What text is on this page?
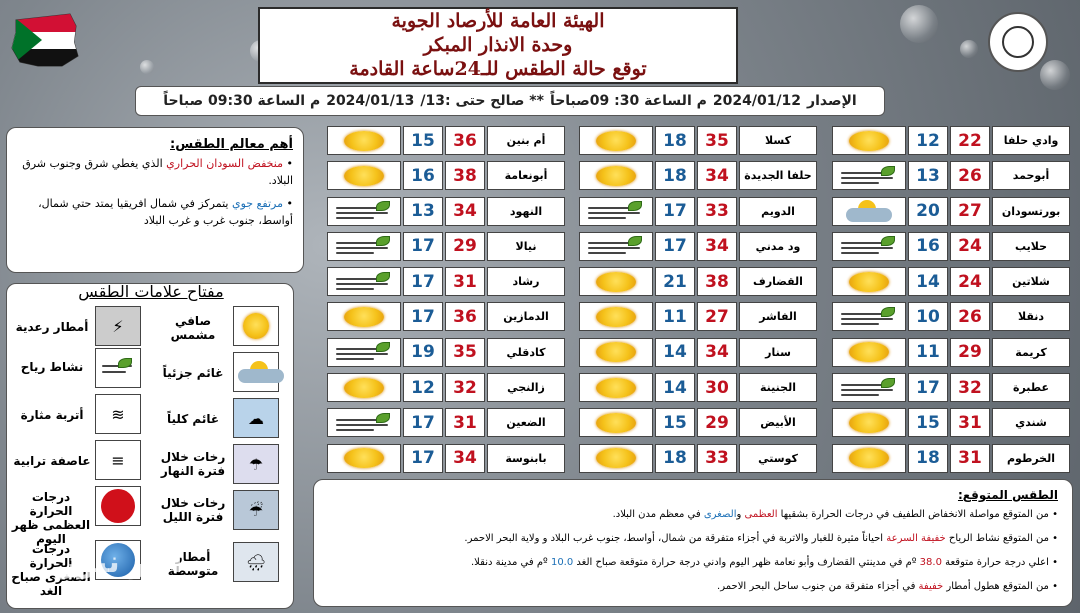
الهيئة العامة للأرصاد الجوية
وحدة الانذار المبكر
توقع حالة الطقس للـ24ساعة القادمة
الإصدار
2024/01/12
م الساعة 30: 09صباحاً
** صالح حتى :13/
2024/01/13
م الساعة 09:30 صباحاً
وادي حلفا
22
12
أبوحمد
26
13
بورتسودان
27
20
حلايب
24
16
شلاتين
24
14
دنقلا
26
10
كريمة
29
11
عطبرة
32
17
شندي
31
15
الخرطوم
31
18
كسلا
35
18
حلفا الجديدة
34
18
الدويم
33
17
ود مدني
34
17
القضارف
38
21
الفاشر
27
11
سنار
34
14
الجنينة
30
14
الأبيض
29
15
كوستي
33
18
أم بنين
36
15
أبونعامة
38
16
النهود
34
13
نيالا
29
17
رشاد
31
17
الدمازين
36
17
كادقلي
35
19
زالنجي
32
12
الضعين
31
17
بابنوسة
34
17
أهم معالم الطقس:

• منخفض السودان الحراري الذي يغطي شرق وجنوب شرق البلاد.

• مرتفع جوي يتمركز في شمال افريقيا يمتد حتي شمال، أواسط، جنوب غرب و غرب البلاد

مفتاح علامات الطقس
صافي مشمس
⚡
أمطار رعدية
غائم جزئياً
نشاط رياح
☁
غائم كلياً
≋
أتربة مثارة
☂
رخات خلال فترة النهار
≡
عاصفة ترابية
☔
رخات خلال فترة الليل
درجات الحرارة العظمى ظهر اليوم
🌧
أمطار متوسطة
درجات الحرارة الصغرى صباح الغد
الطقس المتوقع:

• من المتوقع مواصلة الانخفاض الطفيف في درجات الحرارة بشقيها العظمى والصغرى في معظم مدن البلاد.

• من المتوقع نشاط الرياح خفيفة السرعة احياناً مثيرة للغبار والاتربة في أجزاء متفرقة من شمال، أواسط، جنوب غرب البلاد و ولاية البحر الاحمر.

• اعلي درجة حرارة متوقعة 38.0 ºم في مدينتي القضارف وأبو نعامة ظهر اليوم وادني درجة حرارة متوقعة صباح الغد 10.0 ºم في مدينة دنقلا.

• من المتوقع هطول أمطار خفيفة في أجزاء متفرقة من جنوب ساحل البحر الاحمر.

أثير نيوز
